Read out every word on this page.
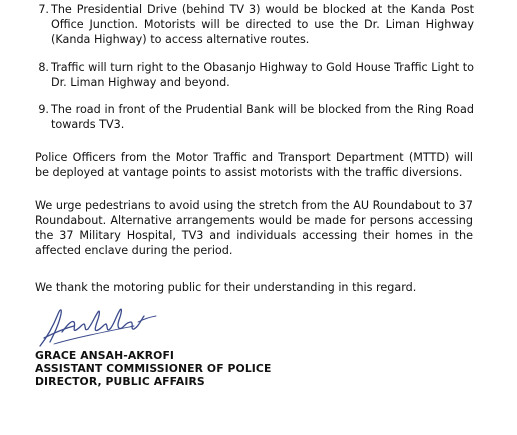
7. The Presidential Drive (behind TV 3) would be blocked at the Kanda Post Office Junction. Motorists will be directed to use the Dr. Liman Highway (Kanda Highway) to access alternative routes.
8. Traffic will turn right to the Obasanjo Highway to Gold House Traffic Light to Dr. Liman Highway and beyond.
9. The road in front of the Prudential Bank will be blocked from the Ring Road towards TV3.
Police Officers from the Motor Traffic and Transport Department (MTTD) will be deployed at vantage points to assist motorists with the traffic diversions.
We urge pedestrians to avoid using the stretch from the AU Roundabout to 37 Roundabout. Alternative arrangements would be made for persons accessing the 37 Military Hospital, TV3 and individuals accessing their homes in the affected enclave during the period.
We thank the motoring public for their understanding in this regard.
GRACE ANSAH-AKROFI
ASSISTANT COMMISSIONER OF POLICE
DIRECTOR, PUBLIC AFFAIRS
